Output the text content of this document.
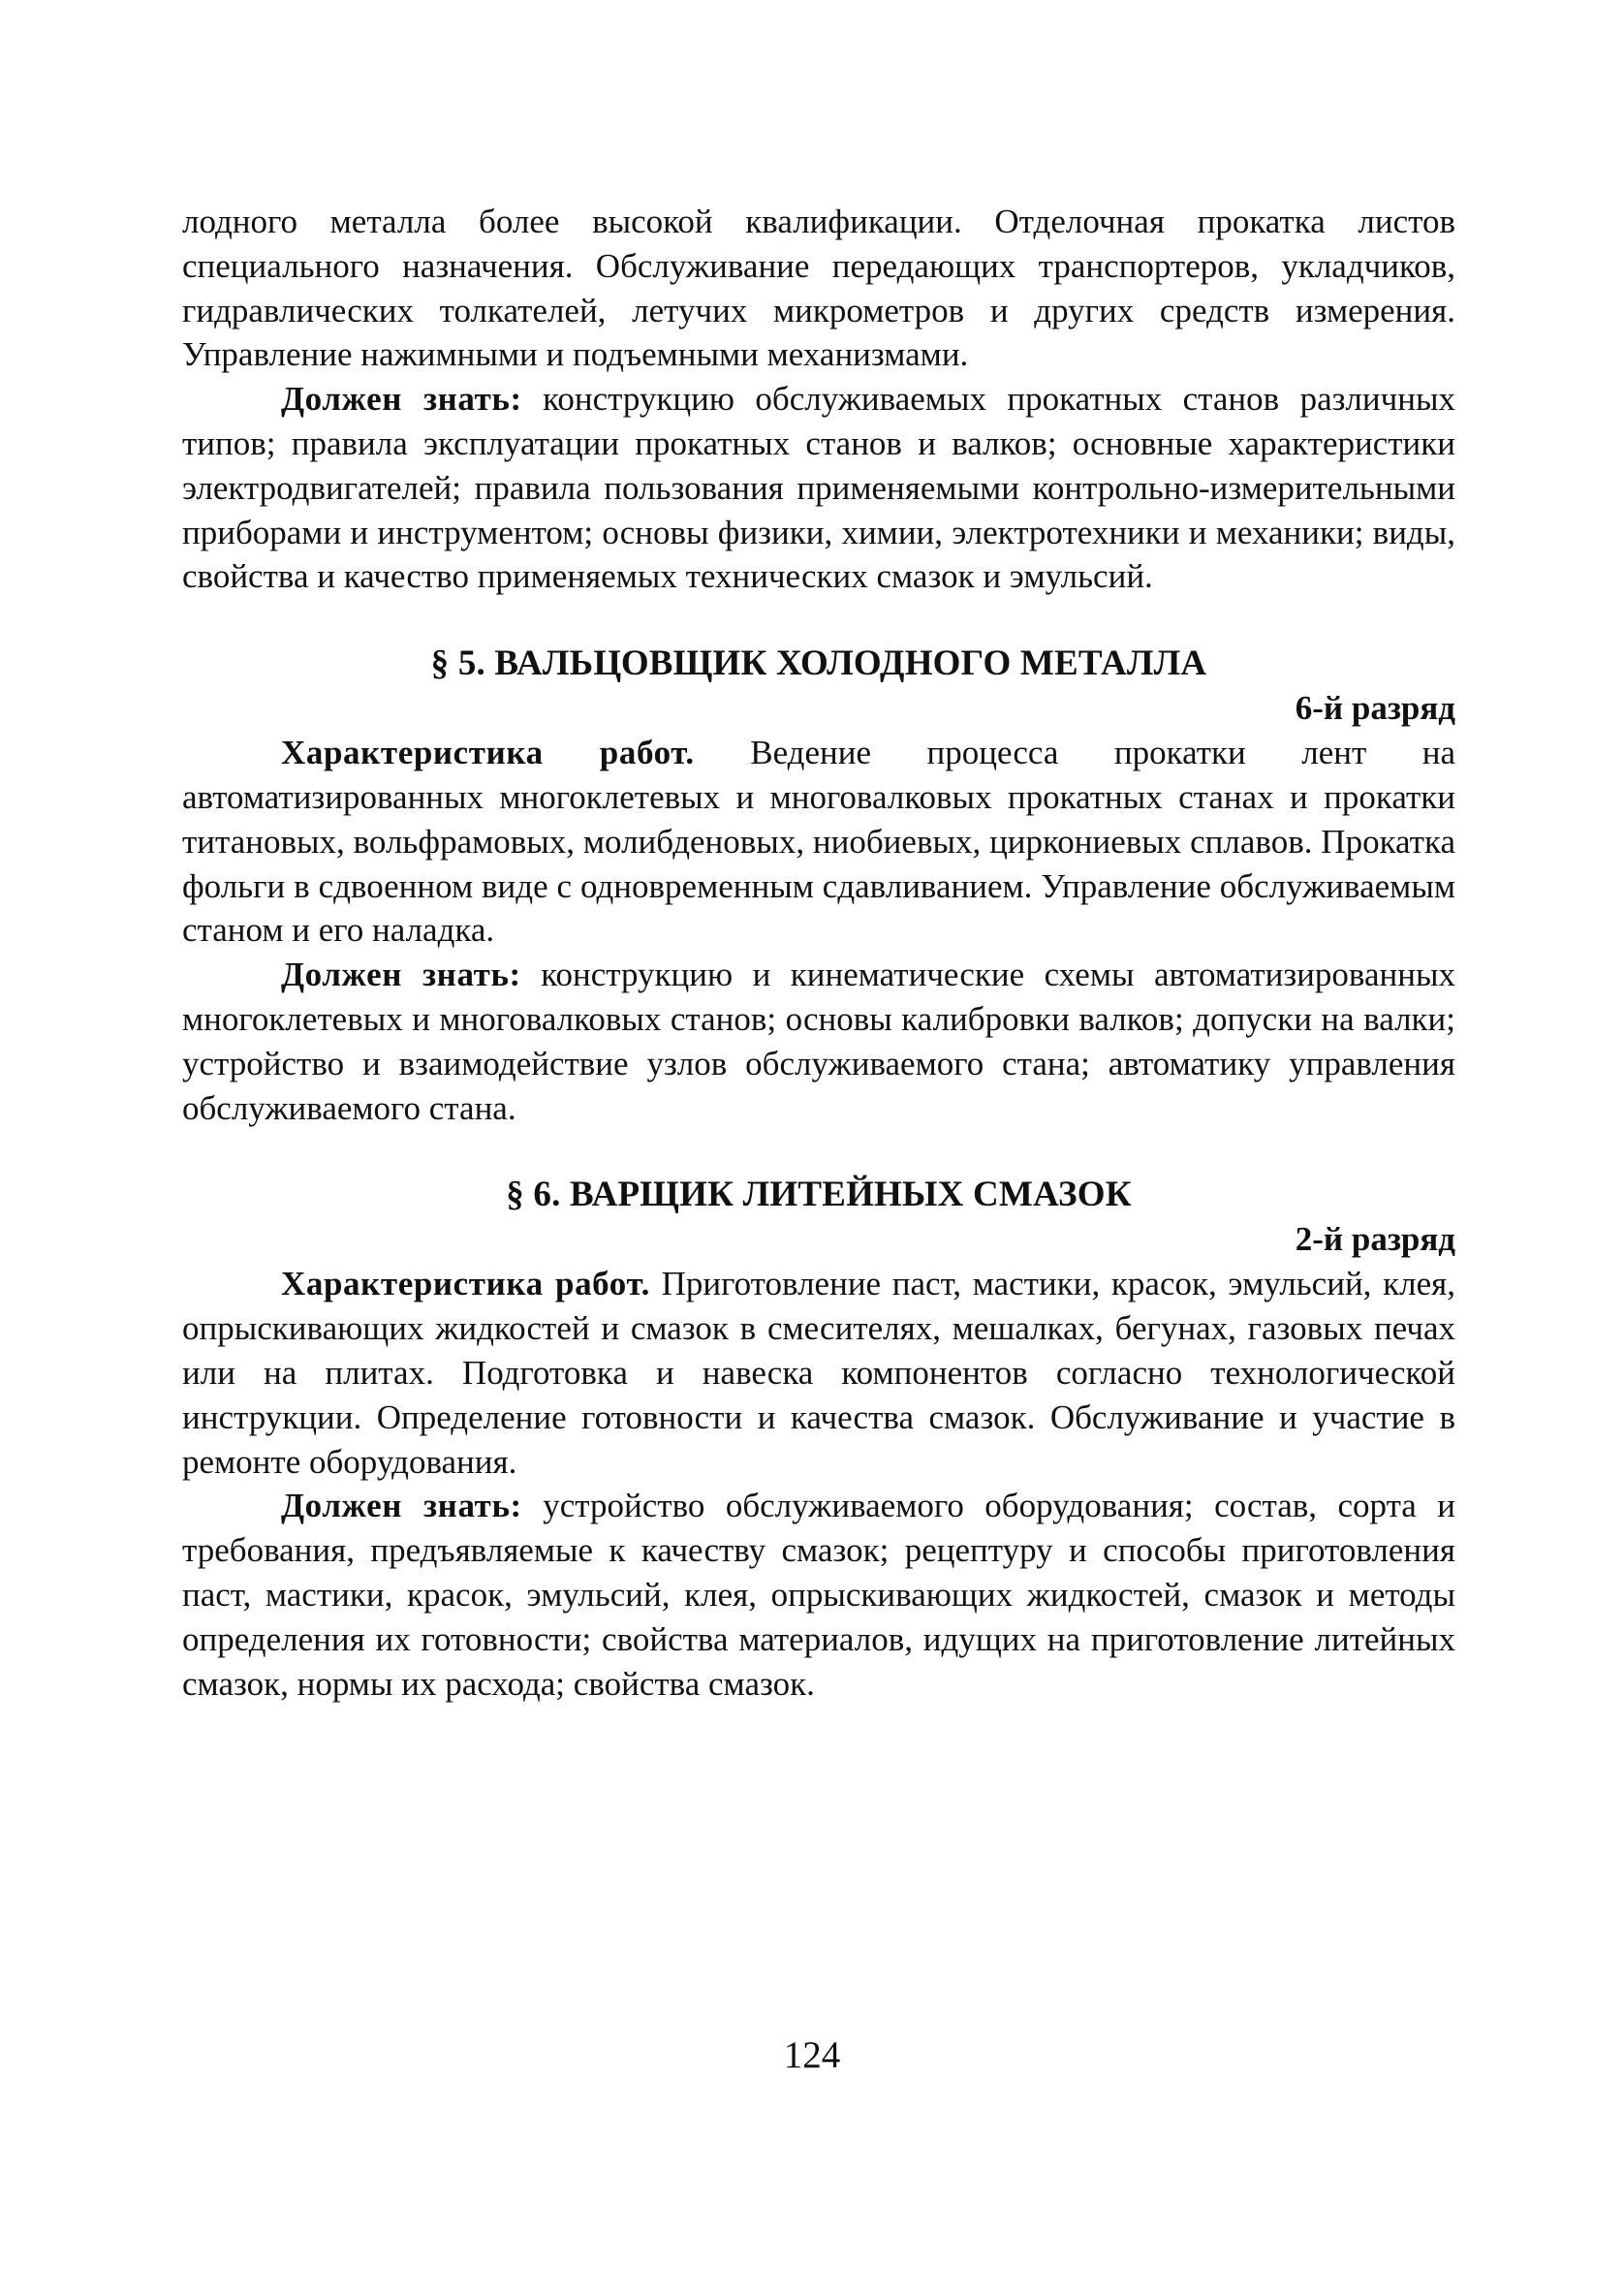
лодного металла более высокой квалификации. Отделочная прокатка листов специального назначения. Обслуживание передающих транспортеров, укладчиков, гидравлических толкателей, летучих микрометров и других средств измерения. Управление нажимными и подъемными механизмами.

Должен знать: конструкцию обслуживаемых прокатных станов различных типов; правила эксплуатации прокатных станов и валков; основные характеристики электродвигателей; правила пользования применяемыми контрольно-измерительными приборами и инструментом; основы физики, химии, электротехники и механики; виды, свойства и качество применяемых технических смазок и эмульсий.

§ 5. ВАЛЬЦОВЩИК ХОЛОДНОГО МЕТАЛЛА

6-й разряд

Характеристика работ. Ведение процесса прокатки лент на автоматизированных многоклетевых и многовалковых прокатных станах и прокатки титановых, вольфрамовых, молибденовых, ниобиевых, циркониевых сплавов. Прокатка фольги в сдвоенном виде с одновременным сдавливанием. Управление обслуживаемым станом и его наладка.

Должен знать: конструкцию и кинематические схемы автоматизированных многоклетевых и многовалковых станов; основы калибровки валков; допуски на валки; устройство и взаимодействие узлов обслуживаемого стана; автоматику управления обслуживаемого стана.

§ 6. ВАРЩИК ЛИТЕЙНЫХ СМАЗОК

2-й разряд

Характеристика работ. Приготовление паст, мастики, красок, эмульсий, клея, опрыскивающих жидкостей и смазок в смесителях, мешалках, бегунах, газовых печах или на плитах. Подготовка и навеска компонентов согласно технологической инструкции. Определение готовности и качества смазок. Обслуживание и участие в ремонте оборудования.

Должен знать: устройство обслуживаемого оборудования; состав, сорта и требования, предъявляемые к качеству смазок; рецептуру и способы приготовления паст, мастики, красок, эмульсий, клея, опрыскивающих жидкостей, смазок и методы определения их готовности; свойства материалов, идущих на приготовление литейных смазок, нормы их расхода; свойства смазок.

124
